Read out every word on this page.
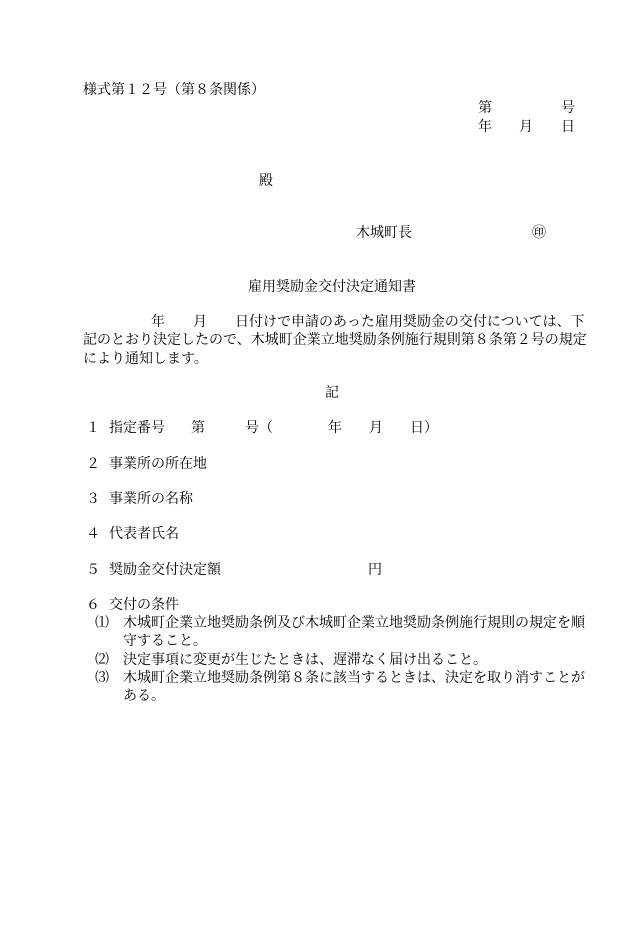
様式第１２号（第８条関係）
第	号
年 月 日
殿
木城町長	㊞
雇用奨励金交付決定通知書
年 月 日付けで申請のあった雇用奨励金の交付については、下
記のとおり決定したので、木城町企業立地奨励条例施行規則第８条第２号の規定
により通知します。
記
１ 指定番号 第	号（	年 月 日）
２ 事業所の所在地
３ 事業所の名称
４ 代表者氏名
５ 奨励金交付決定額	円
６ 交付の条件
⑴ 木城町企業立地奨励条例及び木城町企業立地奨励条例施行規則の規定を順
守すること。
⑵ 決定事項に変更が生じたときは、遅滞なく届け出ること。
⑶ 木城町企業立地奨励条例第８条に該当するときは、決定を取り消すことが
ある。
